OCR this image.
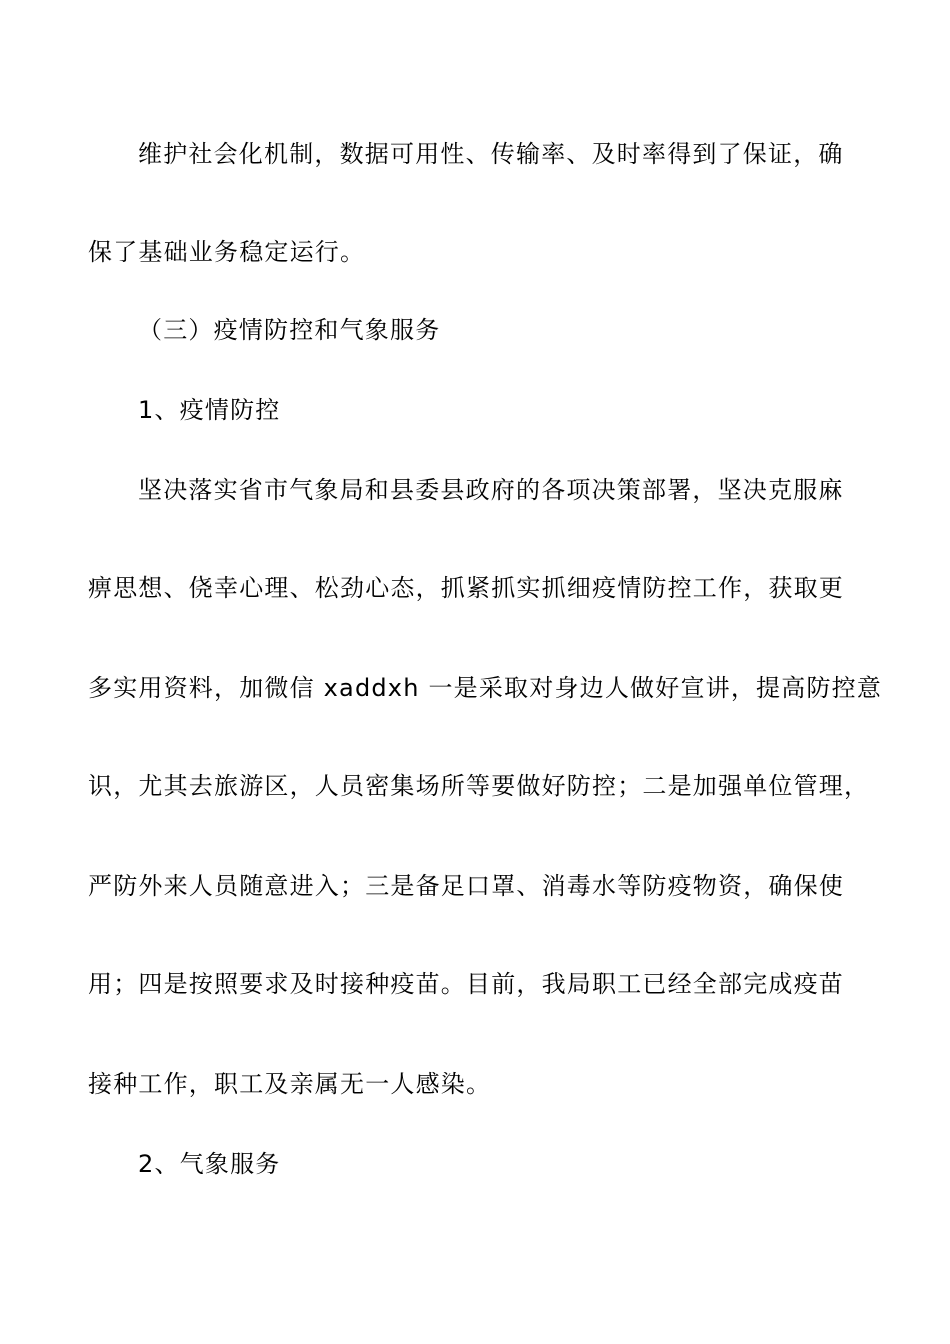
维护社会化机制，数据可用性、传输率、及时率得到了保证，确

保了基础业务稳定运行。

（三）疫情防控和气象服务

1、疫情防控

坚决落实省市气象局和县委县政府的各项决策部署，坚决克服麻

痹思想、侥幸心理、松劲心态，抓紧抓实抓细疫情防控工作，获取更

多实用资料，加微信 xaddxh 一是采取对身边人做好宣讲，提高防控意

识，尤其去旅游区，人员密集场所等要做好防控；二是加强单位管理，

严防外来人员随意进入；三是备足口罩、消毒水等防疫物资，确保使

用；四是按照要求及时接种疫苗。目前，我局职工已经全部完成疫苗

接种工作，职工及亲属无一人感染。

2、气象服务
